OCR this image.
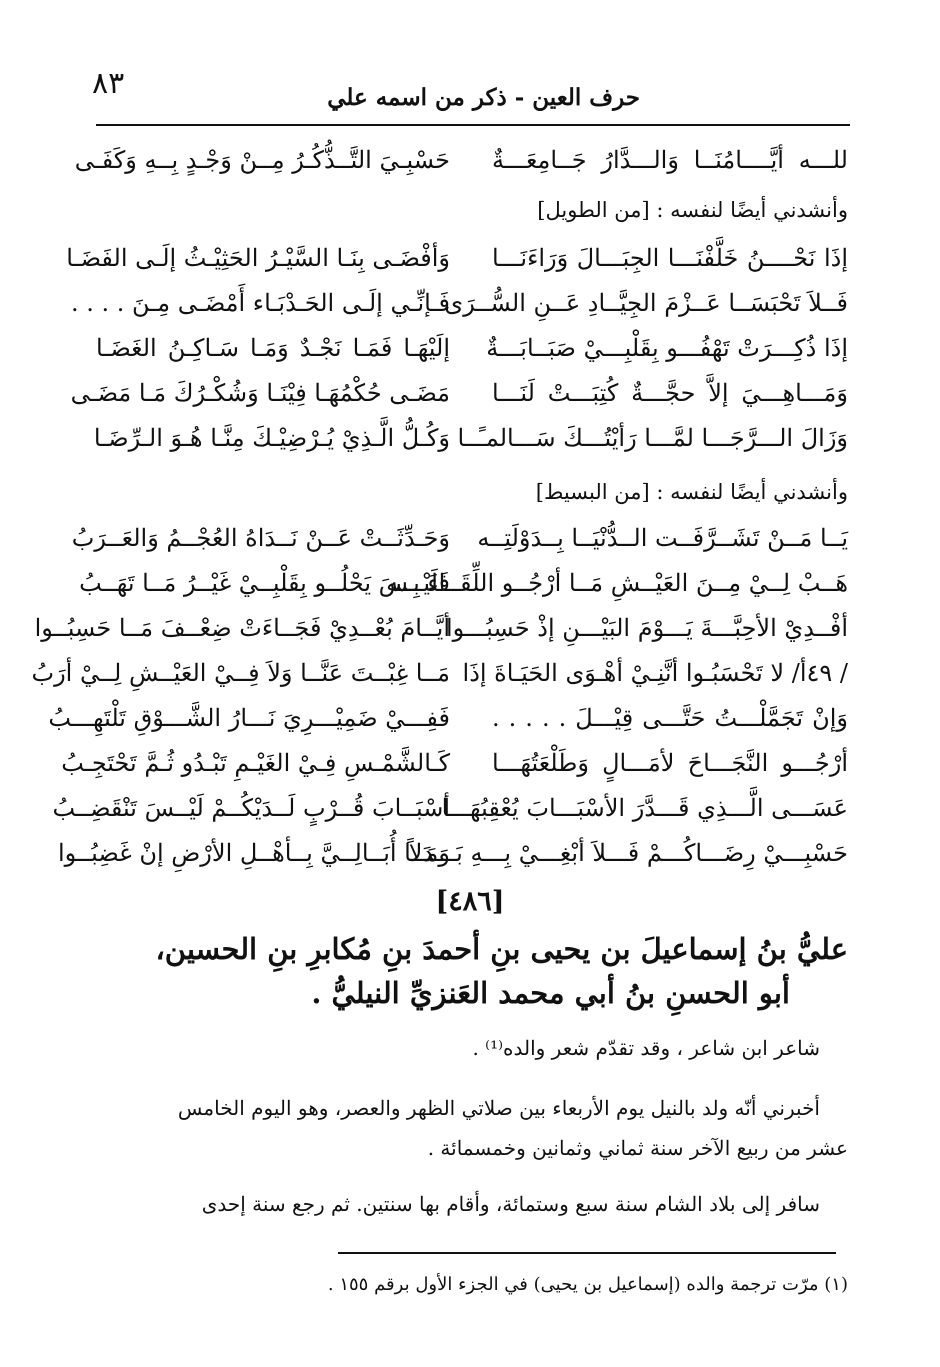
٨٣	حرف العين - ذكر من اسمه علي
للـــه أيَّــــامُنَــا وَالـــدَّارُ جَــامِعَـــةٌ
حَسْبِـيَ التَّــذُّكُـرُ مِــنْ وَجْـدٍ بِــهِ وَكَفَـى
وأنشدني أيضًا لنفسه : [من الطويل]
إذَا نَحْــــنُ خَلَّفْنَـــا الجِبَـــالَ وَرَاءَنَـــا
فَــلاَ تَحْبَسَــا عَــزْمَ الجِيَّــادِ عَــنِ السُّــرَى
إذَا ذُكِـــرَتْ تَهْفُـــو بِقَلْبِـــيْ صَبَــابَـــةٌ
وَمَـــاهِـــيَ إلاَّ حجَّـــةٌ كُتِبَـــتْ لَنَـــا
وَزَالَ الـــرَّجَـــا لمَّـــا رَأيْتُـــكَ سَـــالمـًــا
وَأفْضَـى بِنَـا السَّيْـرُ الحَثِيْـثُ إلَـى الفَضَـا
فَـإنِّـي إلَـى الحَـدْبَـاء أَمْضَـى مِـنَ . . . .
إلَيْهَـا فَمَـا نَجْـدٌ وَمَـا سَـاكِـنُ الغَضَـا
مَضَـى حُكْمُهَـا فِيْنَـا وَشُكْـرُكَ مَـا مَضَـى
وَكُـلُّ الَّـذِيْ يُـرْضِيْـكَ مِنَّـا هُـوَ الـرِّضَـا
وأنشدني أيضًا لنفسه : [من البسيط]
يَــا مَــنْ تَشَــرَّفَــت الــدُّنْيَــا بِــدَوْلَتِــه
هَــبْ لِــيْ مِــنَ العَيْــشِ مَــا أرْجُــو اللِّقَــاءَ بِــه
أفْــدِيْ الأحِبَّـــةَ يَـــوْمَ البَيْـــنِ إذْ حَسِبُـــوا
/ ٤٩أ/ لا تَحْسَبُـوا أنَّنِـيْ أهْـوَى الحَيَـاةَ إذَا
وَإنْ تَجَمَّلْـــتُ حَتَّـــى قِيْـــلَ . . . . .
أرْجُـــو النَّجَـــاحَ لأمَـــالٍ وَطَلْعَتُهَـــا
عَسَـــى الَّـــذِي قَـــدَّرَ الأسْبَـــابَ يُعْقِبُهَـــا
حَسْبِـــيْ رِضَـــاكُـــمْ فَـــلاَ أبْغِـــيْ بِـــهِ بَـــدَلاً
وَحَـدِّثَــتْ عَــنْ نَــدَاهُ العُجْــمُ وَالعَــرَبُ
فَلَيْــسَ يَحْلُــو بِقَلْبِــيْ غَيْــرُ مَــا تَهَــبُ
أيَّــامَ بُعْــدِيْ فَجَــاءَتْ ضِعْــفَ مَــا حَسِبُــوا
مَــا غِبْــتَ عَنَّــا وَلاَ فِــيْ العَيْــشِ لِــيْ أرَبُ
فَفِـــيْ ضَمِيْـــرِيَ نَـــارُ الشَّـــوْقِ تَلْتَهِـــبُ
كَـالشَّمْـسِ فِـيْ الغَيْـمِ تَبْـدُو ثُـمَّ تَحْتَجِـبُ
أسْبَــابَ قُــرْبٍ لَــدَيْكُــمْ لَيْــسَ تَنْقَضِــبُ
وَمَــا أُبَــالِــيَّ بِــأهْــلِ الأرْضِ إنْ غَضِبُــوا
[٤٨٦]
عليُّ بنُ إسماعيلَ بن يحيى بنِ أحمدَ بنِ مُكابرِ بنِ الحسين،
أبو الحسنِ بنُ أبي محمد العَنزيِّ النيليُّ .
شاعر ابن شاعر ، وقد تقدّم شعر والده⁽¹⁾ .
أخبرني أنّه ولد بالنيل يوم الأربعاء بين صلاتي الظهر والعصر، وهو اليوم الخامس
عشر من ربيع الآخر سنة ثماني وثمانين وخمسمائة .
سافر إلى بلاد الشام سنة سبع وستمائة، وأقام بها سنتين. ثم رجع سنة إحدى
(١) مرّت ترجمة والده (إسماعيل بن يحيى) في الجزء الأول برقم ١٥٥ .
